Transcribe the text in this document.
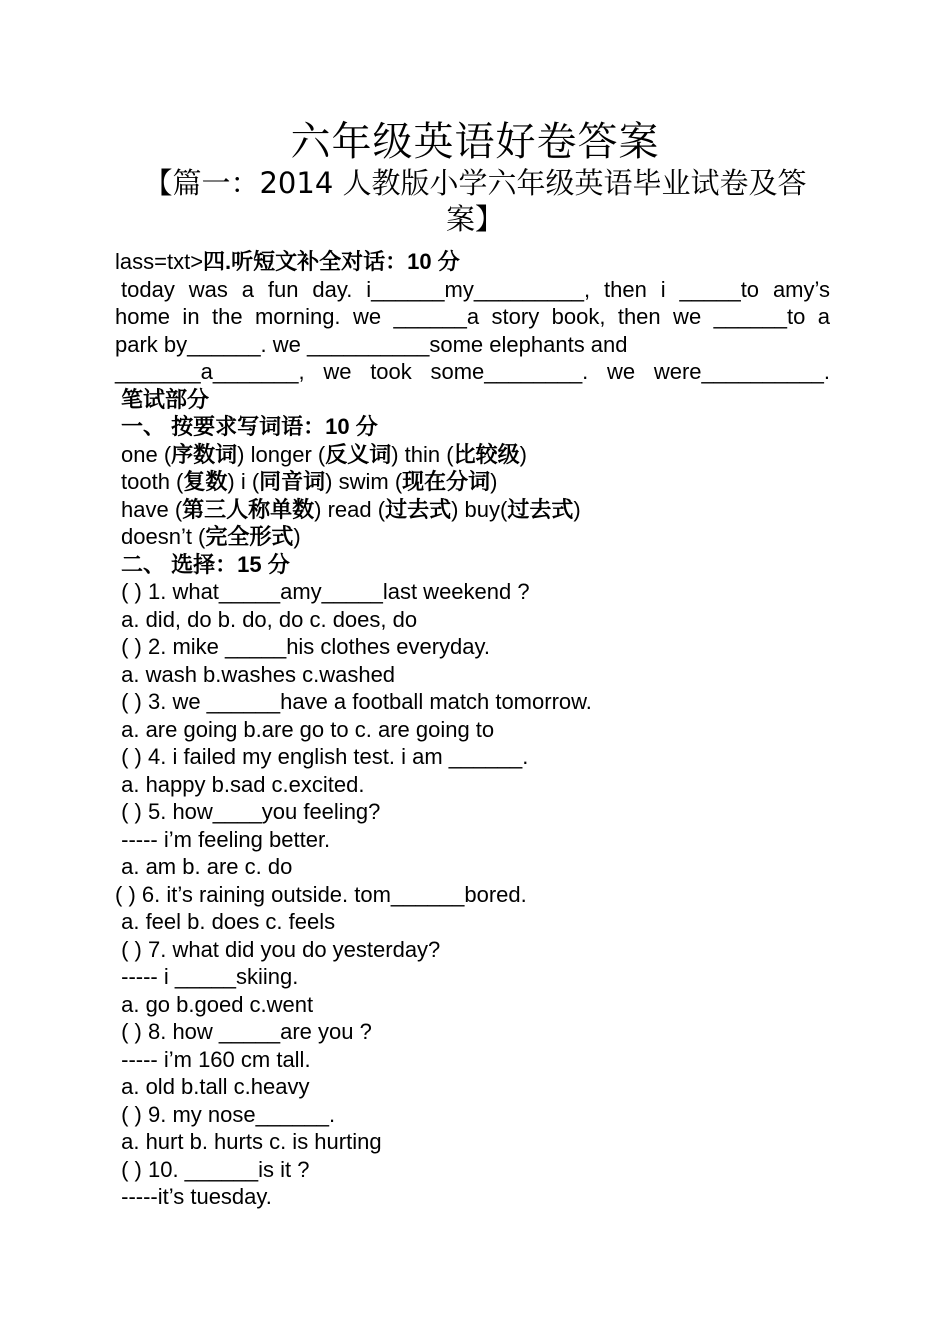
六年级英语好卷答案
【篇一：2014 人教版小学六年级英语毕业试卷及答案】
lass=txt>四.听短文补全对话：10 分
today was a fun day. i______my_________, then i _____to amy’s
home in the morning. we ______a story book, then we ______to a
park by______. we __________some elephants and
_______a_______, we took some________. we were__________.
笔试部分
一、 按要求写词语：10 分
one (序数词) longer (反义词) thin (比较级)
tooth (复数) i (同音词) swim (现在分词)
have (第三人称单数) read (过去式) buy(过去式)
doesn’t (完全形式)
二、 选择：15 分
( ) 1. what_____amy_____last weekend ?
a. did, do b. do, do c. does, do
( ) 2. mike _____his clothes everyday.
a. wash b.washes c.washed
( ) 3. we ______have a football match tomorrow.
a. are going b.are go to c. are going to
( ) 4. i failed my english test. i am ______.
a. happy b.sad c.excited.
( ) 5. how____you feeling?
----- i’m feeling better.
a. am b. are c. do
( ) 6. it’s raining outside. tom______bored.
a. feel b. does c. feels
( ) 7. what did you do yesterday?
----- i _____skiing.
a. go b.goed c.went
( ) 8. how _____are you ?
----- i’m 160 cm tall.
a. old b.tall c.heavy
( ) 9. my nose______.
a. hurt b. hurts c. is hurting
( ) 10. ______is it ?
-----it’s tuesday.
